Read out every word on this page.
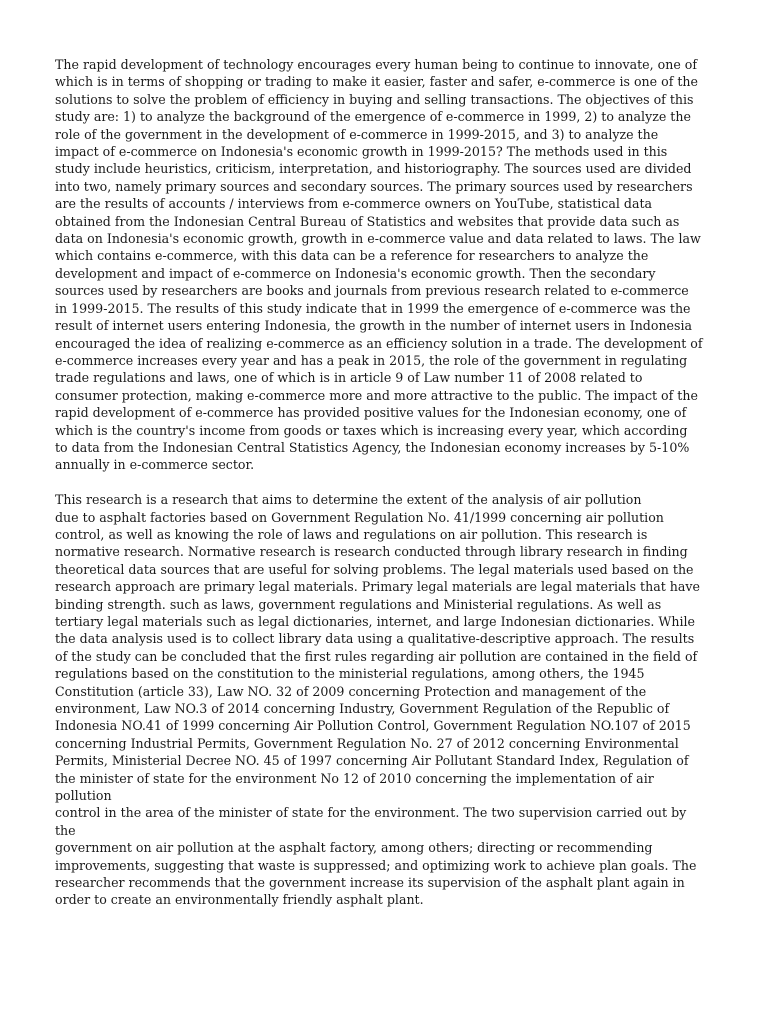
The rapid development of technology encourages every human being to continue to innovate, one of
which is in terms of shopping or trading to make it easier, faster and safer, e-commerce is one of the
solutions to solve the problem of efficiency in buying and selling transactions. The objectives of this
study are: 1) to analyze the background of the emergence of e-commerce in 1999, 2) to analyze the
role of the government in the development of e-commerce in 1999-2015, and 3) to analyze the
impact of e-commerce on Indonesia's economic growth in 1999-2015? The methods used in this
study include heuristics, criticism, interpretation, and historiography. The sources used are divided
into two, namely primary sources and secondary sources. The primary sources used by researchers
are the results of accounts / interviews from e-commerce owners on YouTube, statistical data
obtained from the Indonesian Central Bureau of Statistics and websites that provide data such as
data on Indonesia's economic growth, growth in e-commerce value and data related to laws. The law
which contains e-commerce, with this data can be a reference for researchers to analyze the
development and impact of e-commerce on Indonesia's economic growth. Then the secondary
sources used by researchers are books and journals from previous research related to e-commerce
in 1999-2015. The results of this study indicate that in 1999 the emergence of e-commerce was the
result of internet users entering Indonesia, the growth in the number of internet users in Indonesia
encouraged the idea of realizing e-commerce as an efficiency solution in a trade. The development of
e-commerce increases every year and has a peak in 2015, the role of the government in regulating
trade regulations and laws, one of which is in article 9 of Law number 11 of 2008 related to
consumer protection, making e-commerce more and more attractive to the public. The impact of the
rapid development of e-commerce has provided positive values for the Indonesian economy, one of
which is the country's income from goods or taxes which is increasing every year, which according
to data from the Indonesian Central Statistics Agency, the Indonesian economy increases by 5-10%
annually in e-commerce sector.

This research is a research that aims to determine the extent of the analysis of air pollution
due to asphalt factories based on Government Regulation No. 41/1999 concerning air pollution
control, as well as knowing the role of laws and regulations on air pollution. This research is
normative research. Normative research is research conducted through library research in finding
theoretical data sources that are useful for solving problems. The legal materials used based on the
research approach are primary legal materials. Primary legal materials are legal materials that have
binding strength. such as laws, government regulations and Ministerial regulations. As well as
tertiary legal materials such as legal dictionaries, internet, and large Indonesian dictionaries. While
the data analysis used is to collect library data using a qualitative-descriptive approach. The results
of the study can be concluded that the first rules regarding air pollution are contained in the field of
regulations based on the constitution to the ministerial regulations, among others, the 1945
Constitution (article 33), Law NO. 32 of 2009 concerning Protection and management of the
environment, Law NO.3 of 2014 concerning Industry, Government Regulation of the Republic of
Indonesia NO.41 of 1999 concerning Air Pollution Control, Government Regulation NO.107 of 2015
concerning Industrial Permits, Government Regulation No. 27 of 2012 concerning Environmental
Permits, Ministerial Decree NO. 45 of 1997 concerning Air Pollutant Standard Index, Regulation of
the minister of state for the environment No 12 of 2010 concerning the implementation of air
pollution
control in the area of the minister of state for the environment. The two supervision carried out by
the
government on air pollution at the asphalt factory, among others; directing or recommending
improvements, suggesting that waste is suppressed; and optimizing work to achieve plan goals. The
researcher recommends that the government increase its supervision of the asphalt plant again in
order to create an environmentally friendly asphalt plant.
